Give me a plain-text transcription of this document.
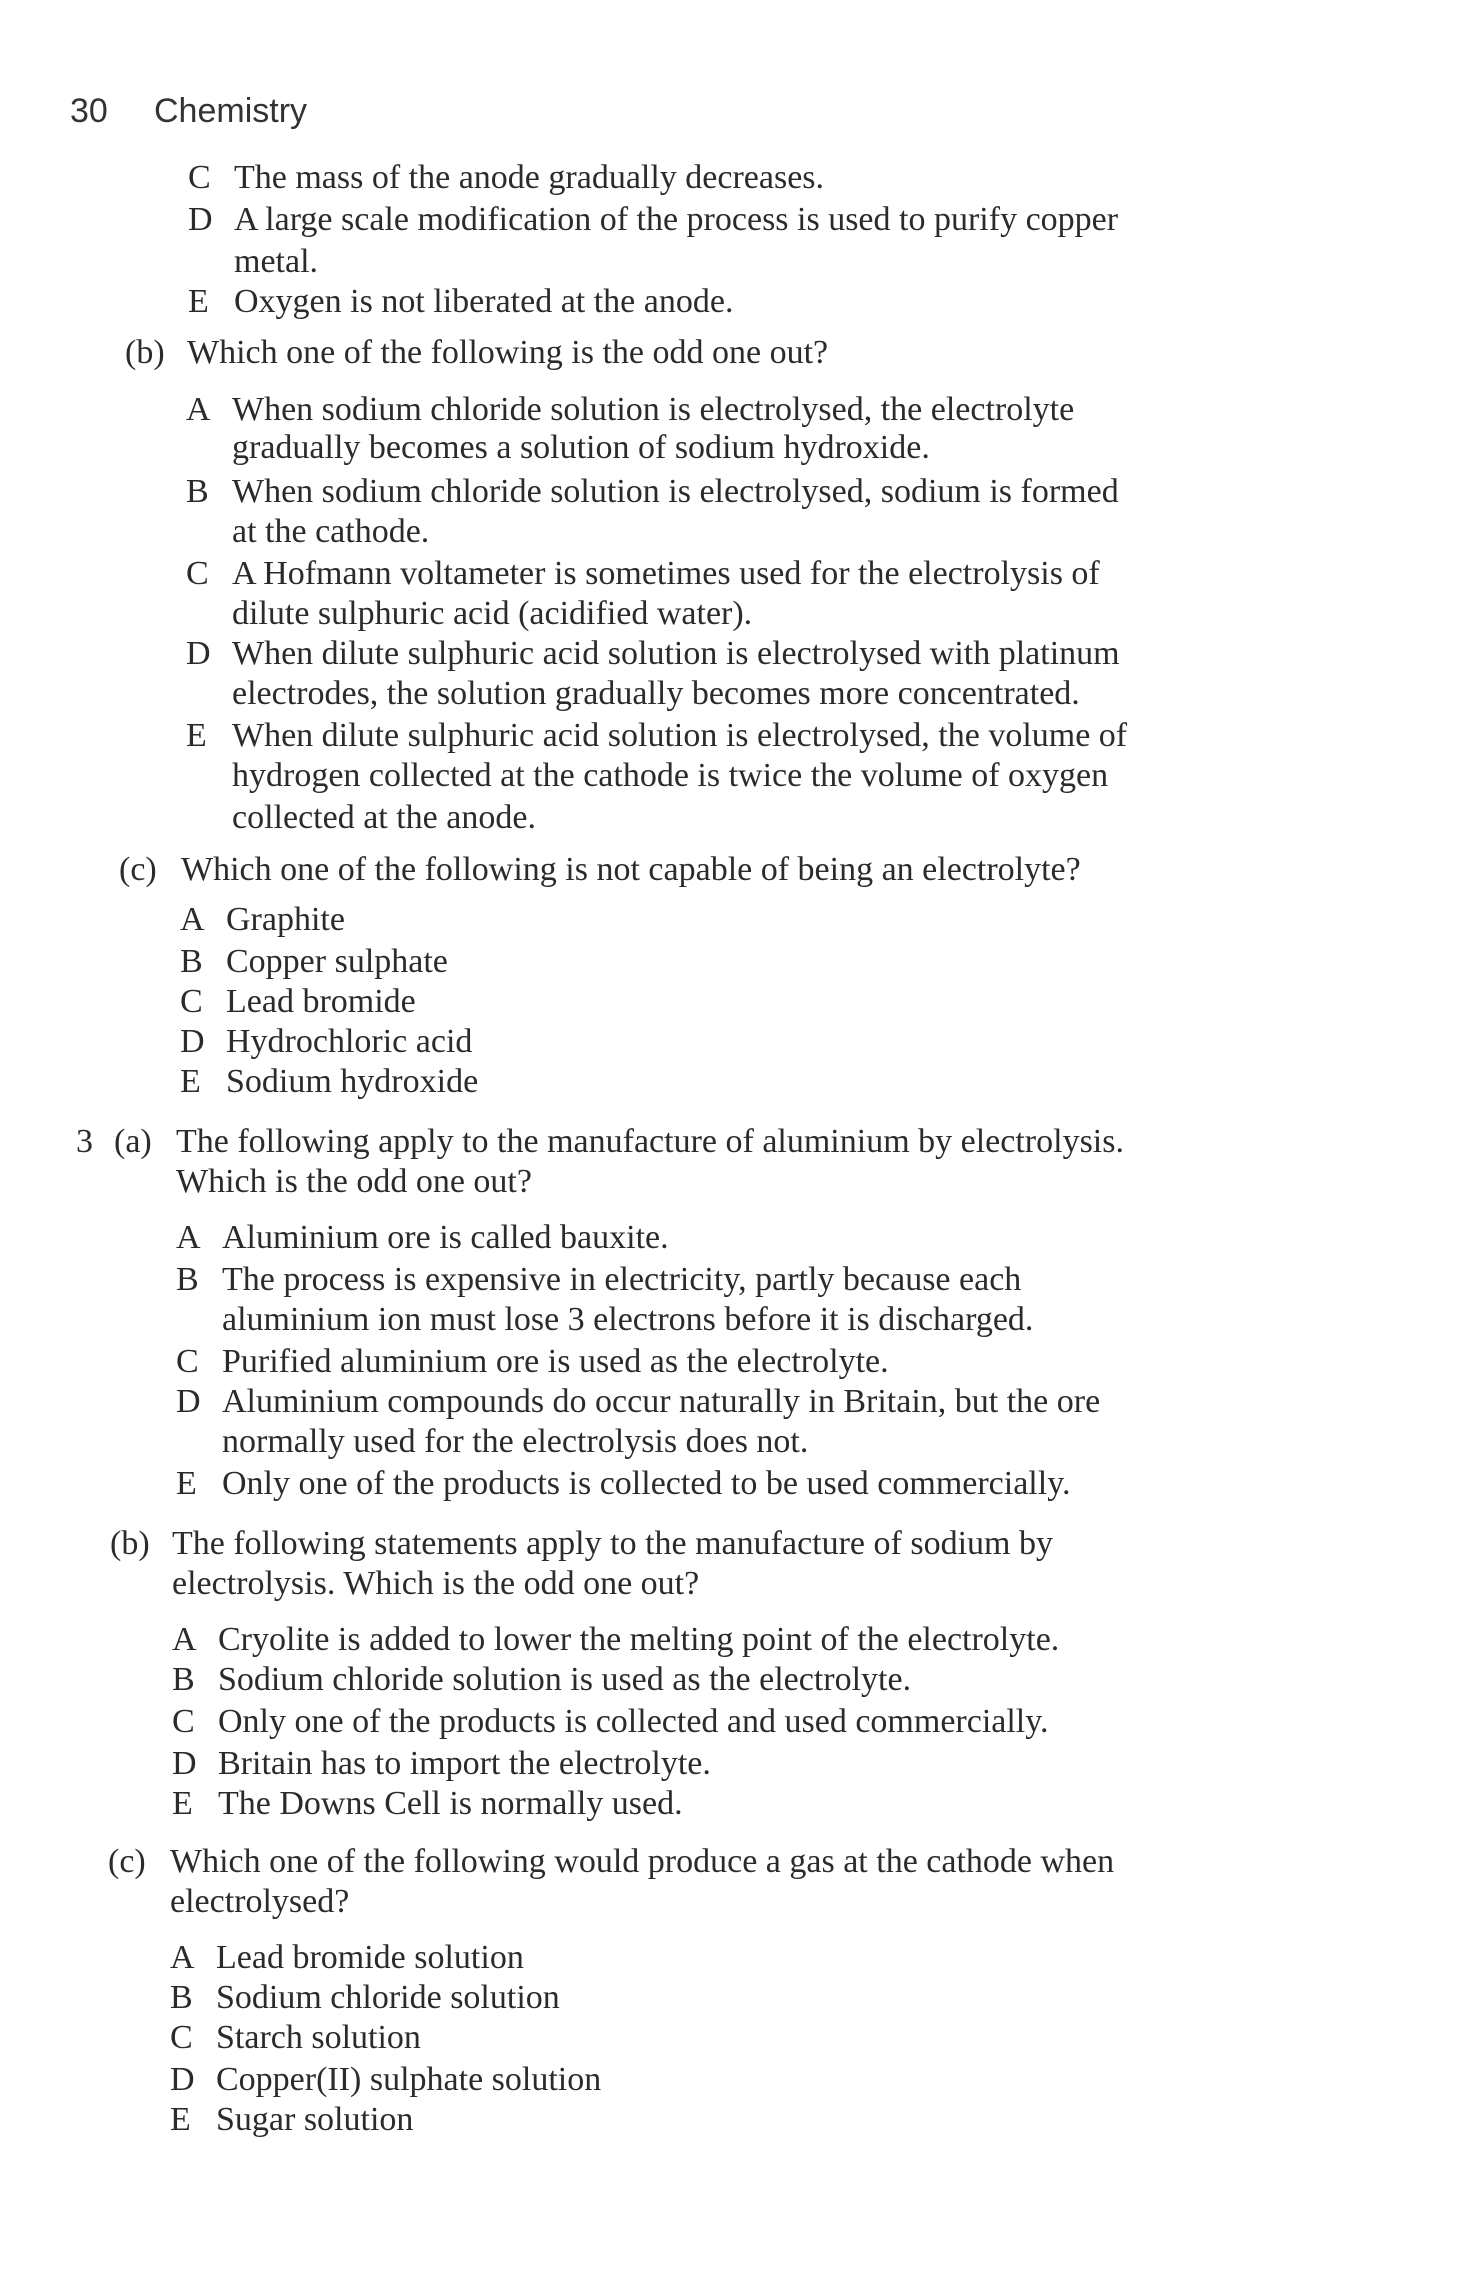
30 Chemistry
C The mass of the anode gradually decreases.
D A large scale modification of the process is used to purify copper
metal.
E Oxygen is not liberated at the anode.
(b) Which one of the following is the odd one out?
A When sodium chloride solution is electrolysed, the electrolyte
gradually becomes a solution of sodium hydroxide.
B When sodium chloride solution is electrolysed, sodium is formed
at the cathode.
C A Hofmann voltameter is sometimes used for the electrolysis of
dilute sulphuric acid (acidified water).
D When dilute sulphuric acid solution is electrolysed with platinum
electrodes, the solution gradually becomes more concentrated.
E When dilute sulphuric acid solution is electrolysed, the volume of
hydrogen collected at the cathode is twice the volume of oxygen
collected at the anode.
(c) Which one of the following is not capable of being an electrolyte?
A Graphite
B Copper sulphate
C Lead bromide
D Hydrochloric acid
E Sodium hydroxide
3 (a) The following apply to the manufacture of aluminium by electrolysis.
Which is the odd one out?
A Aluminium ore is called bauxite.
B The process is expensive in electricity, partly because each
aluminium ion must lose 3 electrons before it is discharged.
C Purified aluminium ore is used as the electrolyte.
D Aluminium compounds do occur naturally in Britain, but the ore
normally used for the electrolysis does not.
E Only one of the products is collected to be used commercially.
(b) The following statements apply to the manufacture of sodium by
electrolysis. Which is the odd one out?
A Cryolite is added to lower the melting point of the electrolyte.
B Sodium chloride solution is used as the electrolyte.
C Only one of the products is collected and used commercially.
D Britain has to import the electrolyte.
E The Downs Cell is normally used.
(c) Which one of the following would produce a gas at the cathode when
electrolysed?
A Lead bromide solution
B Sodium chloride solution
C Starch solution
D Copper(II) sulphate solution
E Sugar solution
